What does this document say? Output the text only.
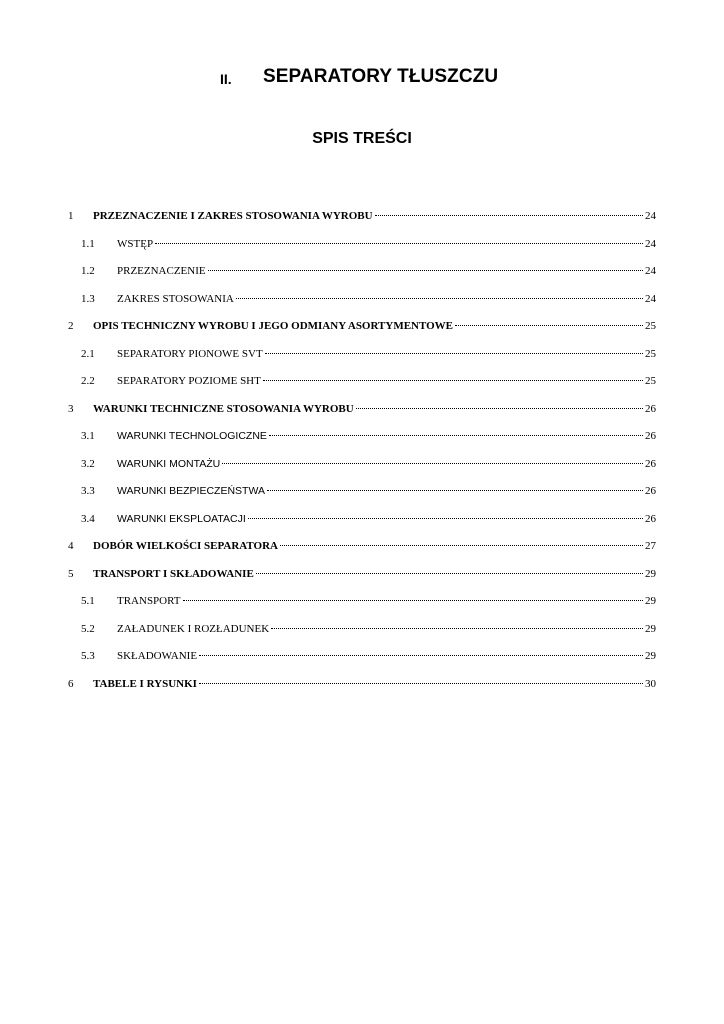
II. SEPARATORY TŁUSZCZU
SPIS TREŚCI
1 PRZEZNACZENIE I ZAKRES STOSOWANIA WYROBU	24
1.1 WSTĘP	24
1.2 PRZEZNACZENIE	24
1.3 ZAKRES STOSOWANIA	24
2 OPIS TECHNICZNY WYROBU I JEGO ODMIANY ASORTYMENTOWE	25
2.1 SEPARATORY PIONOWE SVT	25
2.2 SEPARATORY POZIOME SHT	25
3 WARUNKI TECHNICZNE STOSOWANIA WYROBU	26
3.1 WARUNKI TECHNOLOGICZNE	26
3.2 WARUNKI MONTAŻU	26
3.3 WARUNKI BEZPIECZEŃSTWA	26
3.4 WARUNKI EKSPLOATACJI	26
4 DOBÓR WIELKOŚCI SEPARATORA	27
5 TRANSPORT I SKŁADOWANIE	29
5.1 TRANSPORT	29
5.2 ZAŁADUNEK I ROZŁADUNEK	29
5.3 SKŁADOWANIE	29
6 TABELE I RYSUNKI	30
